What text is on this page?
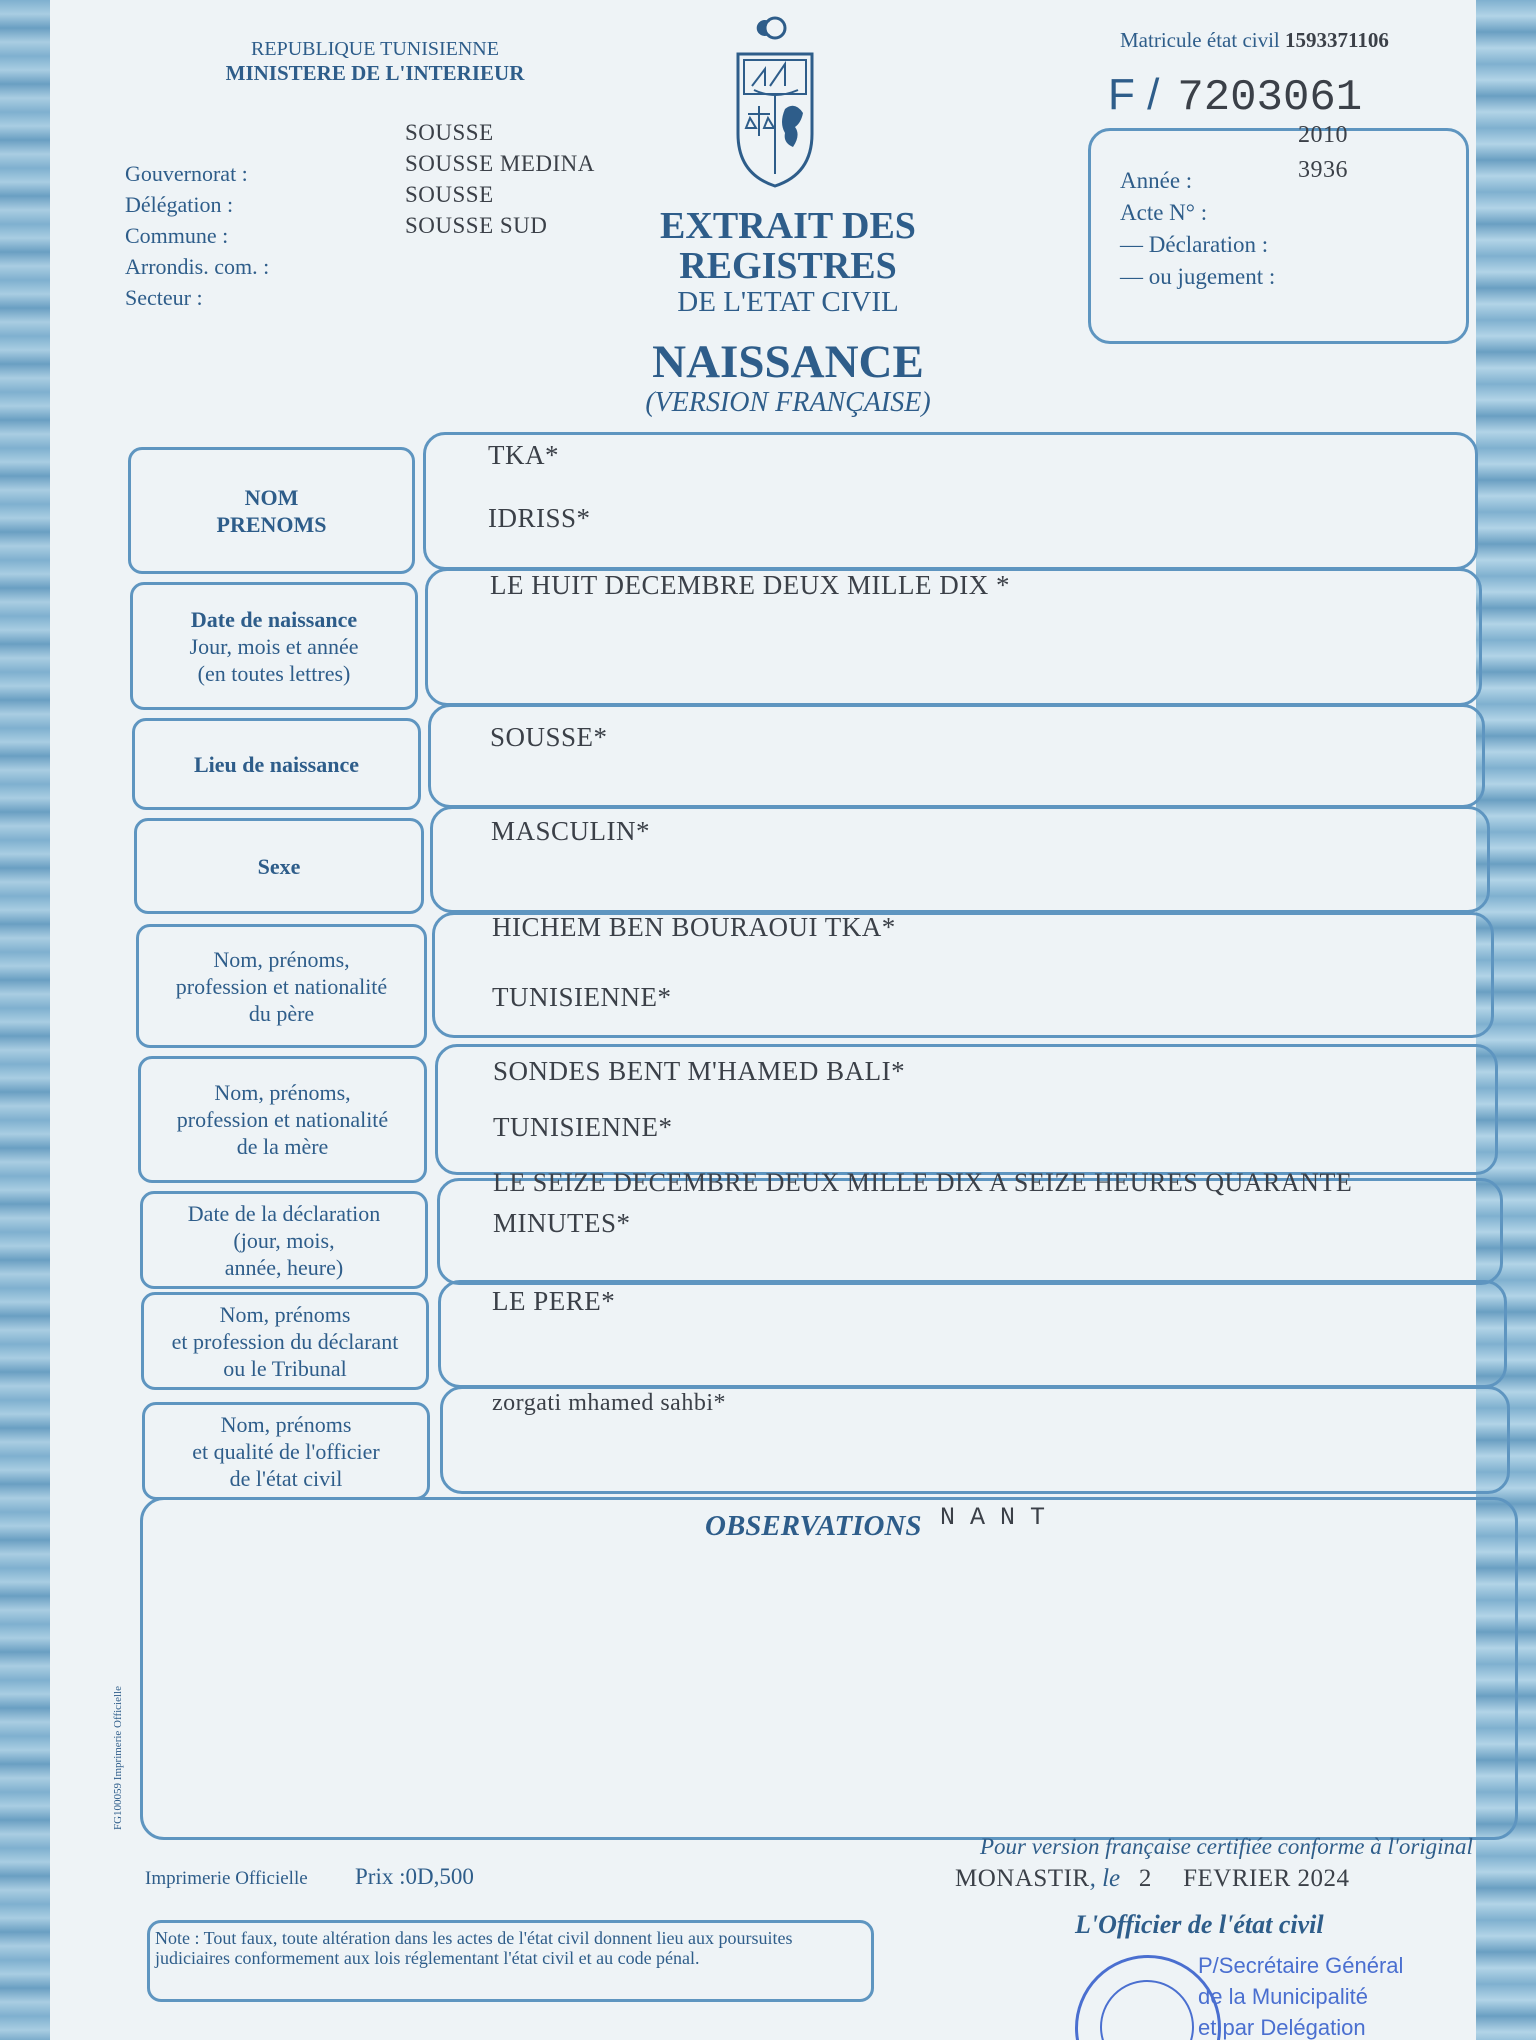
REPUBLIQUE TUNISIENNE
MINISTERE DE L'INTERIEUR
Gouvernorat :
Délégation :
Commune :
Arrondis. com. :
Secteur :
SOUSSE
SOUSSE MEDINA
SOUSSE
SOUSSE SUD	EXTRAIT DES REGISTRES
DE L'ETAT CIVIL
NAISSANCE
(VERSION FRANÇAISE)
Matricule état civil 1593371106
F / 7203061
Année :
Acte N° :
— Déclaration :
— ou jugement :
2010
3936
NOM
PRENOMS
TKA*
IDRISS*
Date de naissance
Jour, mois et année
(en toutes lettres)
LE HUIT DECEMBRE DEUX MILLE DIX *
Lieu de naissance
SOUSSE*
Sexe
MASCULIN*
Nom, prénoms,
profession et nationalité
du père
HICHEM BEN BOURAOUI TKA*
TUNISIENNE*
Nom, prénoms,
profession et nationalité
de la mère
SONDES BENT M'HAMED BALI*
TUNISIENNE*
Date de la déclaration
(jour, mois,
année, heure)
LE SEIZE DECEMBRE DEUX MILLE DIX A SEIZE HEURES QUARANTE
MINUTES*
Nom, prénoms
et profession du déclarant
ou le Tribunal
LE PERE*
Nom, prénoms
et qualité de l'officier
de l'état civil
zorgati mhamed sahbi*
OBSERVATIONS N A N T
FG100059 Imprimerie Officielle
Imprimerie Officielle Prix :0D,500
Pour version française certifiée conforme à l'original
MONASTIR, le 2 FEVRIER 2024
Note : Tout faux, toute altération dans les actes de l'état civil donnent lieu aux poursuites judiciaires conformement aux lois réglementant l'état civil et au code pénal.
L'Officier de l'état civil
P/Secrétaire Général
de la Municipalité
et par Delégation
